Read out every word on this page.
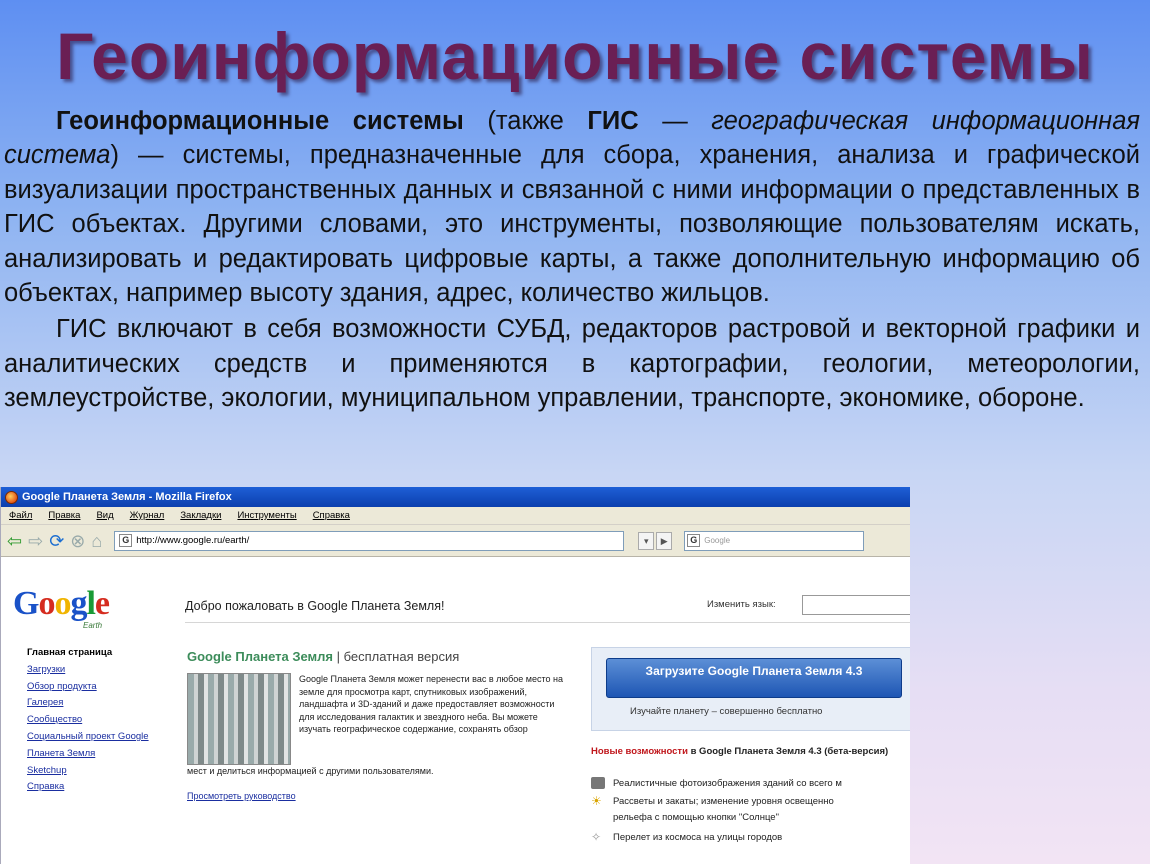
Геоинформационные системы

Геоинформационные системы (также ГИС — географическая информационная система) — системы, предназначенные для сбора, хранения, анализа и графической визуализации пространственных данных и связанной с ними информации о представленных в ГИС объектах. Другими словами, это инструменты, позволяющие пользователям искать, анализировать и редактировать цифровые карты, а также дополнительную информацию об объектах, например высоту здания, адрес, количество жильцов.

ГИС включают в себя возможности СУБД, редакторов растровой и векторной графики и аналитических средств и применяются в картографии, геологии, метеорологии, землеустройстве, экологии, муниципальном управлении, транспорте, экономике, обороне.

Google Планета Земля - Mozilla Firefox
Файл Правка Вид Журнал Закладки Инструменты Справка
⇦ ⇨ ⟳ ⊗ ⌂	G http://www.google.ru/earth/	▾	▶	G Google
Google
Earth
Добро пожаловать в Google Планета Земля!	Изменить язык:
Главная страница
Загрузки
Обзор продукта
Галерея
Сообщество
Социальный проект Google
Планета Земля
Sketchup
Справка
Google Планета Земля | бесплатная версия
Google Планета Земля может перенести вас в любое место на земле для просмотра карт, спутниковых изображений, ландшафта и 3D-зданий и даже предоставляет возможности для исследования галактик и звездного неба. Вы можете изучать географическое содержание, сохранять обзор
мест и делиться информацией с другими пользователями.
Просмотреть руководство
Загрузите Google Планета Земля 4.3
Изучайте планету – совершенно бесплатно
Новые возможности в Google Планета Земля 4.3 (бета-версия)
Реалистичные фотоизображения зданий со всего м
☀	Рассветы и закаты; изменение уровня освещенно
рельефа с помощью кнопки "Солнце"
✧	Перелет из космоса на улицы городов
